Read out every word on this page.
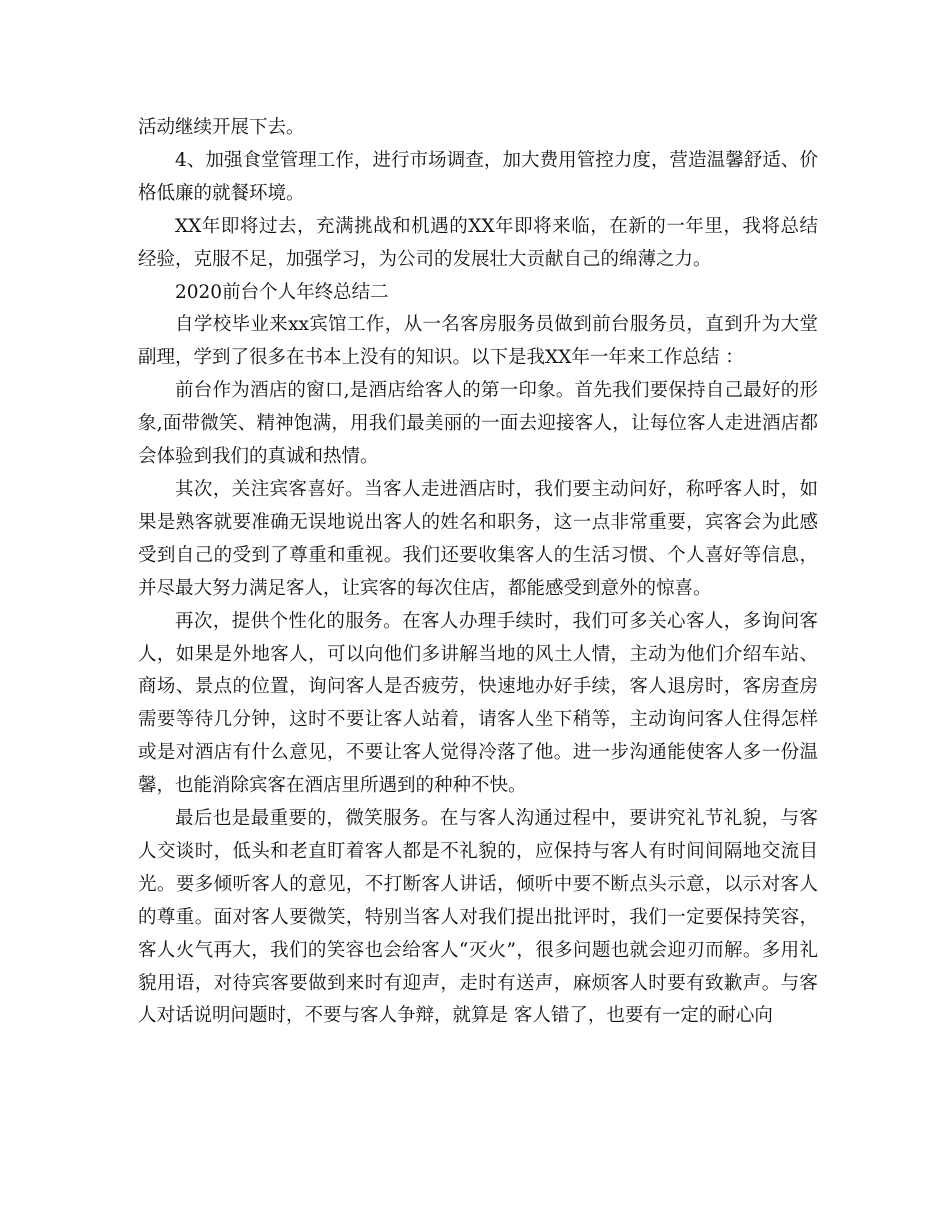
活动继续开展下去。

4、加强食堂管理工作，进行市场调查，加大费用管控力度，营造温馨舒适、价格低廉的就餐环境。

XX年即将过去，充满挑战和机遇的XX年即将来临，在新的一年里，我将总结经验，克服不足，加强学习，为公司的发展壮大贡献自己的绵薄之力。

2020前台个人年终总结二

自学校毕业来xx宾馆工作，从一名客房服务员做到前台服务员，直到升为大堂副理，学到了很多在书本上没有的知识。以下是我XX年一年来工作总结 ：

前台作为酒店的窗口,是酒店给客人的第一印象。首先我们要保持自己最好的形象,面带微笑、精神饱满，用我们最美丽的一面去迎接客人，让每位客人走进酒店都会体验到我们的真诚和热情。

其次，关注宾客喜好。当客人走进酒店时，我们要主动问好，称呼客人时，如果是熟客就要准确无误地说出客人的姓名和职务，这一点非常重要，宾客会为此感受到自己的受到了尊重和重视。我们还要收集客人的生活习惯、个人喜好等信息，并尽最大努力满足客人，让宾客的每次住店，都能感受到意外的惊喜。

再次，提供个性化的服务。在客人办理手续时，我们可多关心客人，多询问客人，如果是外地客人，可以向他们多讲解当地的风土人情，主动为他们介绍车站、商场、景点的位置，询问客人是否疲劳，快速地办好手续，客人退房时，客房查房需要等待几分钟，这时不要让客人站着，请客人坐下稍等，主动询问客人住得怎样或是对酒店有什么意见，不要让客人觉得冷落了他。进一步沟通能使客人多一份温馨，也能消除宾客在酒店里所遇到的种种不快。

最后也是最重要的，微笑服务。在与客人沟通过程中，要讲究礼节礼貌，与客人交谈时，低头和老直盯着客人都是不礼貌的，应保持与客人有时间间隔地交流目光。要多倾听客人的意见，不打断客人讲话，倾听中要不断点头示意，以示对客人的尊重。面对客人要微笑，特别当客人对我们提出批评时，我们一定要保持笑容，客人火气再大，我们的笑容也会给客人“灭火”，很多问题也就会迎刃而解。多用礼貌用语，对待宾客要做到来时有迎声，走时有送声，麻烦客人时要有致歉声。与客人对话说明问题时，不要与客人争辩，就算是 客人错了，也要有一定的耐心向
